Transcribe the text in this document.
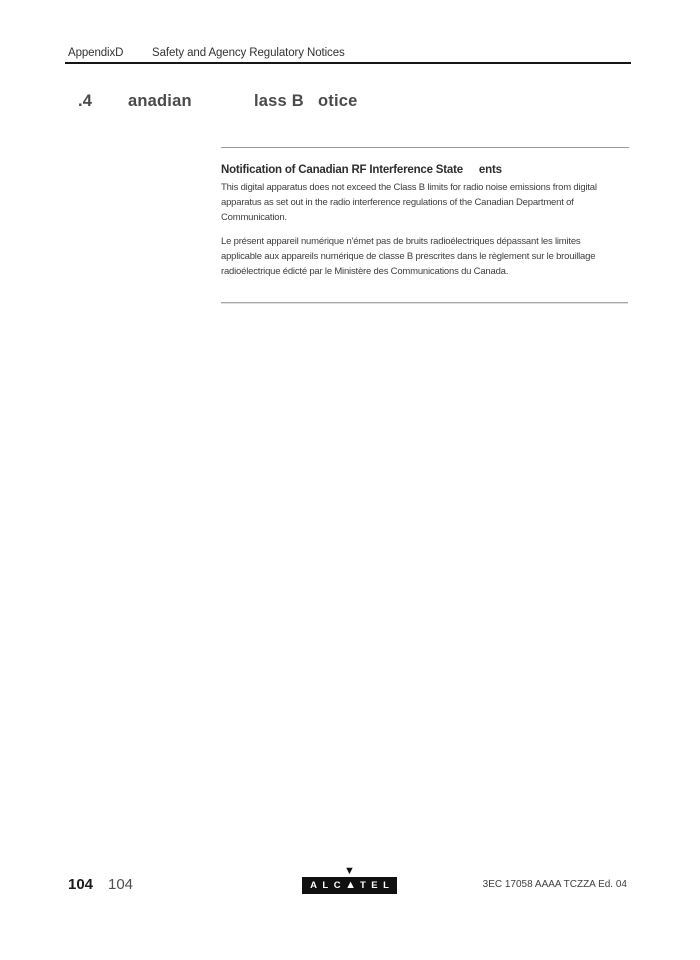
AppendixD Safety and Agency Regulatory Notices
.4 anadian	lass B otice
Notification of Canadian RF Interference State ents
This digital apparatus does not exceed the Class B limits for radio noise emissions from digital
apparatus as set out in the radio interference regulations of the Canadian Department of
Communication.
Le présent appareil numérique n'émet pas de bruits radioélectriques dépassant les limites
applicable aux appareils numérique de classe B prescrites dans le règlement sur le brouillage
radioélectrique édicté par le Ministère des Communications du Canada.
104 104
▼
ALC ▲ TEL	3EC 17058 AAAA TCZZA Ed. 04
